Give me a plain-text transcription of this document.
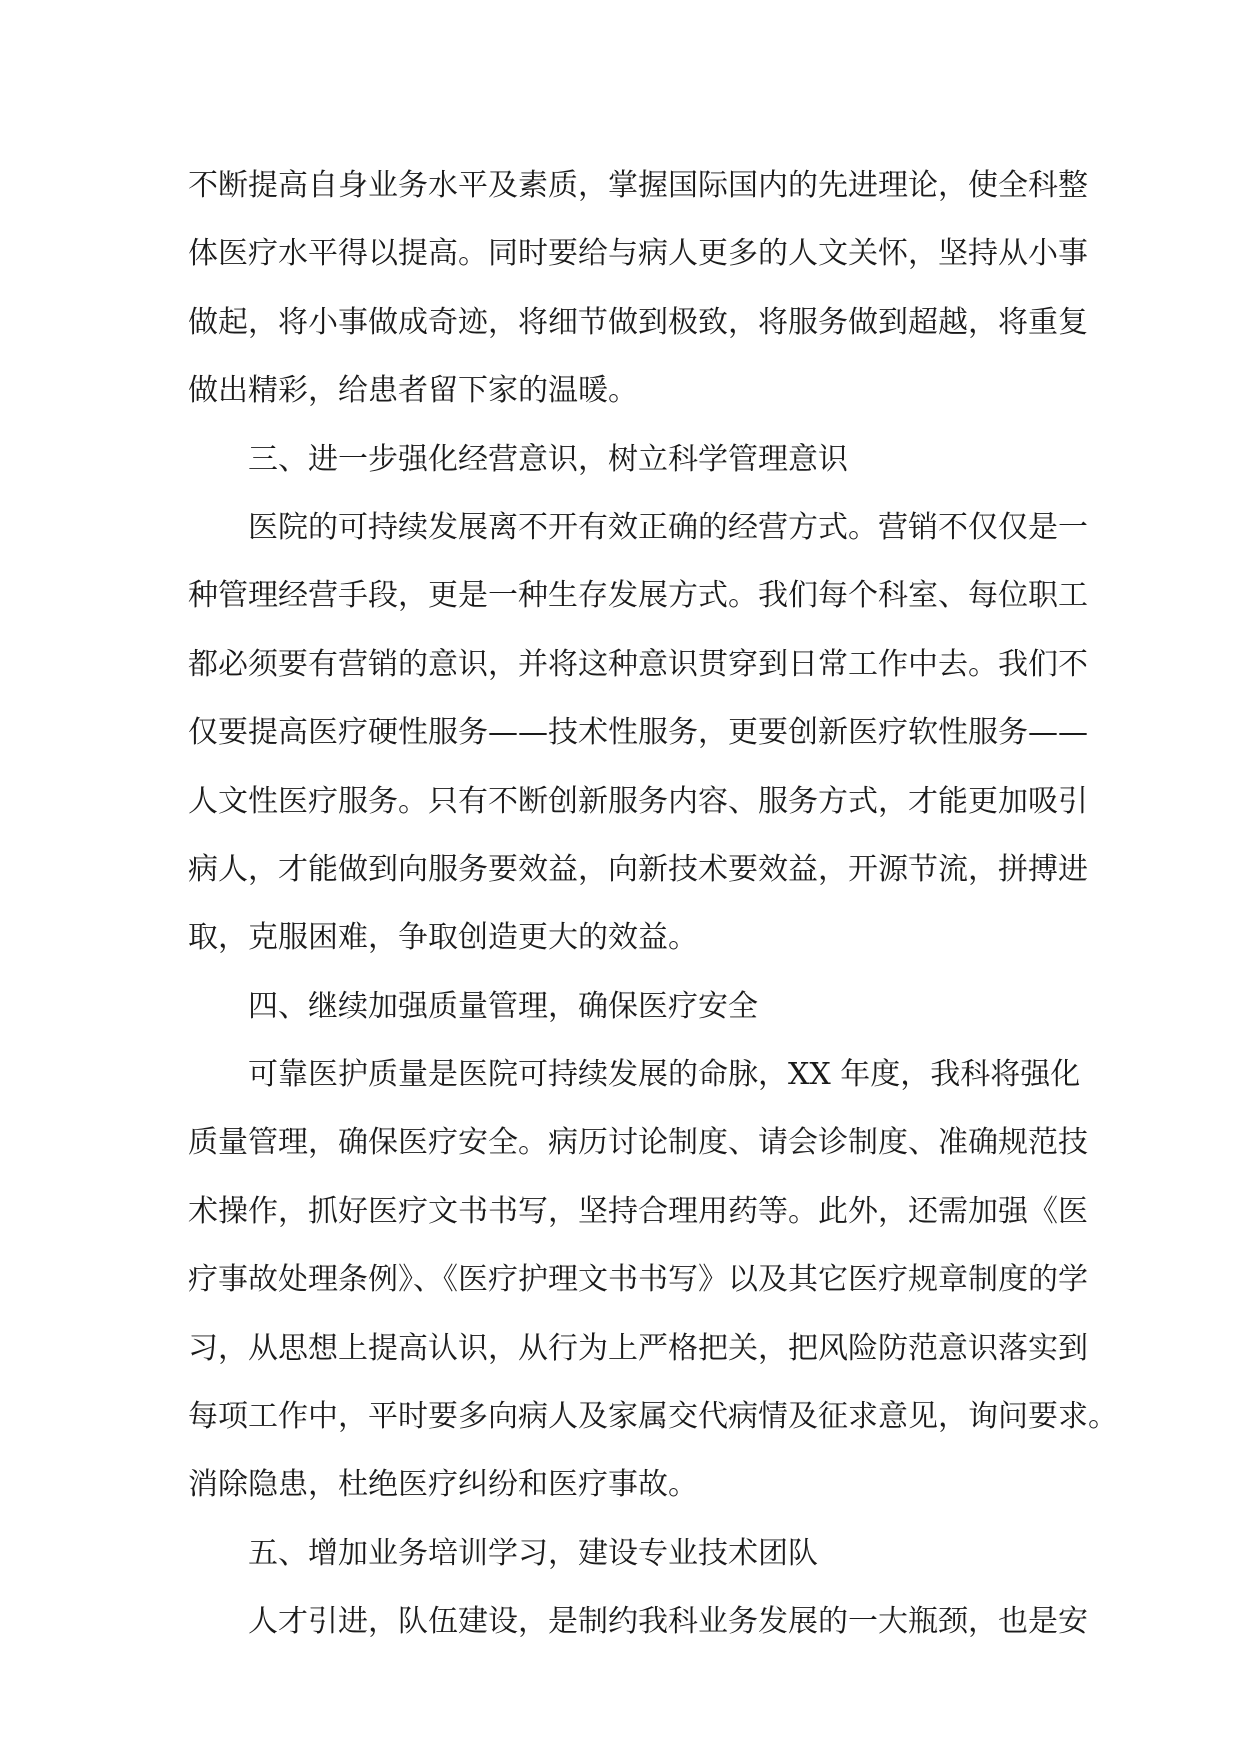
不断提高自身业务水平及素质，掌握国际国内的先进理论，使全科整
体医疗水平得以提高。同时要给与病人更多的人文关怀，坚持从小事
做起，将小事做成奇迹，将细节做到极致，将服务做到超越，将重复
做出精彩，给患者留下家的温暖。
三、进一步强化经营意识，树立科学管理意识
医院的可持续发展离不开有效正确的经营方式。营销不仅仅是一
种管理经营手段，更是一种生存发展方式。我们每个科室、每位职工
都必须要有营销的意识，并将这种意识贯穿到日常工作中去。我们不
仅要提高医疗硬性服务——技术性服务，更要创新医疗软性服务——
人文性医疗服务。只有不断创新服务内容、服务方式，才能更加吸引
病人，才能做到向服务要效益，向新技术要效益，开源节流，拼搏进
取，克服困难，争取创造更大的效益。
四、继续加强质量管理，确保医疗安全
可靠医护质量是医院可持续发展的命脉，XX 年度，我科将强化
质量管理，确保医疗安全。病历讨论制度、请会诊制度、准确规范技
术操作，抓好医疗文书书写，坚持合理用药等。此外，还需加强《医
疗事故处理条例》、《医疗护理文书书写》以及其它医疗规章制度的学
习，从思想上提高认识，从行为上严格把关，把风险防范意识落实到
每项工作中，平时要多向病人及家属交代病情及征求意见，询问要求。
消除隐患，杜绝医疗纠纷和医疗事故。
五、增加业务培训学习，建设专业技术团队
人才引进，队伍建设，是制约我科业务发展的一大瓶颈，也是安
